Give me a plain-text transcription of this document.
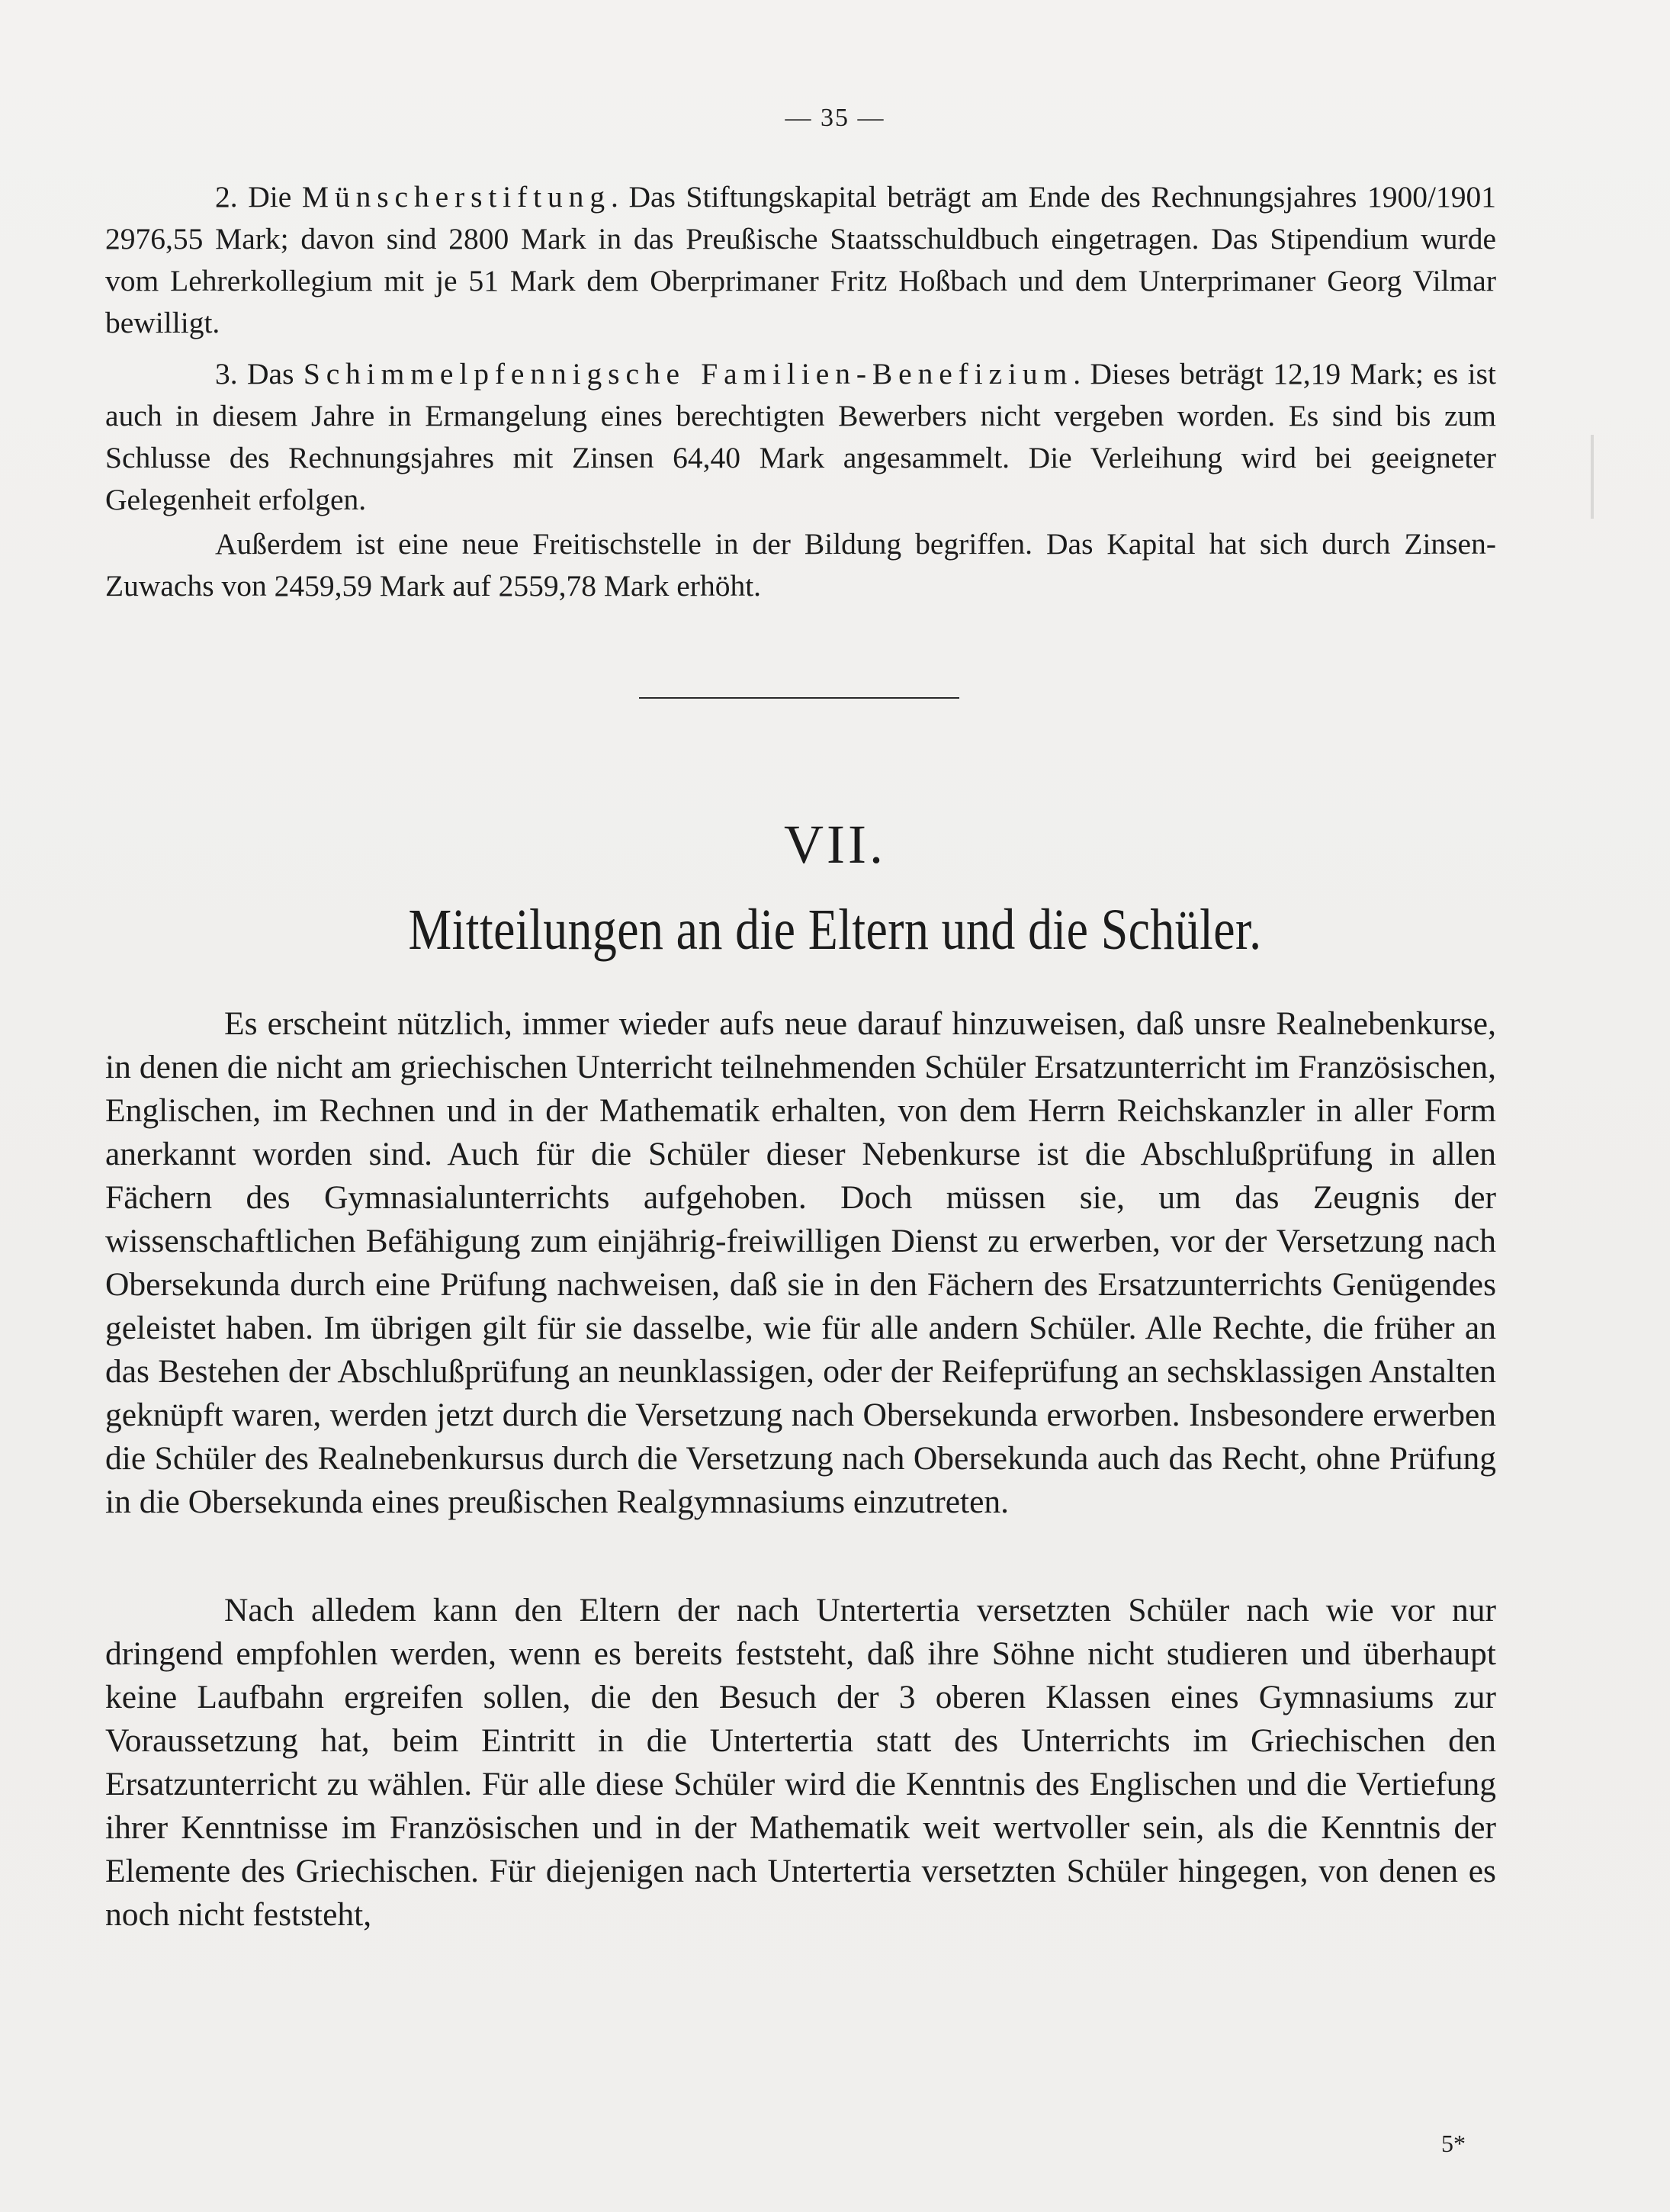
— 35 —

2. Die Münscherstiftung. Das Stiftungskapital beträgt am Ende des Rechnungsjahres 1900/1901 2976,55 Mark; davon sind 2800 Mark in das Preußische Staatsschuldbuch eingetragen. Das Stipendium wurde vom Lehrerkollegium mit je 51 Mark dem Oberprimaner Fritz Hoßbach und dem Unterprimaner Georg Vilmar bewilligt.

3. Das Schimmelpfennigsche Familien-Benefizium. Dieses beträgt 12,19 Mark; es ist auch in diesem Jahre in Ermangelung eines berechtigten Bewerbers nicht vergeben worden. Es sind bis zum Schlusse des Rechnungsjahres mit Zinsen 64,40 Mark angesammelt. Die Verleihung wird bei geeigneter Gelegenheit erfolgen.

Außerdem ist eine neue Freitischstelle in der Bildung begriffen. Das Kapital hat sich durch Zinsen-Zuwachs von 2459,59 Mark auf 2559,78 Mark erhöht.

VII.
Mitteilungen an die Eltern und die Schüler.

Es erscheint nützlich, immer wieder aufs neue darauf hinzuweisen, daß unsre Realnebenkurse, in denen die nicht am griechischen Unterricht teilnehmenden Schüler Ersatzunterricht im Französischen, Englischen, im Rechnen und in der Mathematik erhalten, von dem Herrn Reichskanzler in aller Form anerkannt worden sind. Auch für die Schüler dieser Nebenkurse ist die Abschlußprüfung in allen Fächern des Gymnasialunterrichts aufgehoben. Doch müssen sie, um das Zeugnis der wissenschaftlichen Befähigung zum einjährig-freiwilligen Dienst zu erwerben, vor der Versetzung nach Obersekunda durch eine Prüfung nachweisen, daß sie in den Fächern des Ersatzunterrichts Genügendes geleistet haben. Im übrigen gilt für sie dasselbe, wie für alle andern Schüler. Alle Rechte, die früher an das Bestehen der Abschlußprüfung an neunklassigen, oder der Reifeprüfung an sechsklassigen Anstalten geknüpft waren, werden jetzt durch die Versetzung nach Obersekunda erworben. Insbesondere erwerben die Schüler des Realnebenkursus durch die Versetzung nach Obersekunda auch das Recht, ohne Prüfung in die Obersekunda eines preußischen Realgymnasiums einzutreten.

Nach alledem kann den Eltern der nach Untertertia versetzten Schüler nach wie vor nur dringend empfohlen werden, wenn es bereits feststeht, daß ihre Söhne nicht studieren und überhaupt keine Laufbahn ergreifen sollen, die den Besuch der 3 oberen Klassen eines Gymnasiums zur Voraussetzung hat, beim Eintritt in die Untertertia statt des Unterrichts im Griechischen den Ersatzunterricht zu wählen. Für alle diese Schüler wird die Kenntnis des Englischen und die Vertiefung ihrer Kenntnisse im Französischen und in der Mathematik weit wertvoller sein, als die Kenntnis der Elemente des Griechischen. Für diejenigen nach Untertertia versetzten Schüler hingegen, von denen es noch nicht feststeht,

5*
